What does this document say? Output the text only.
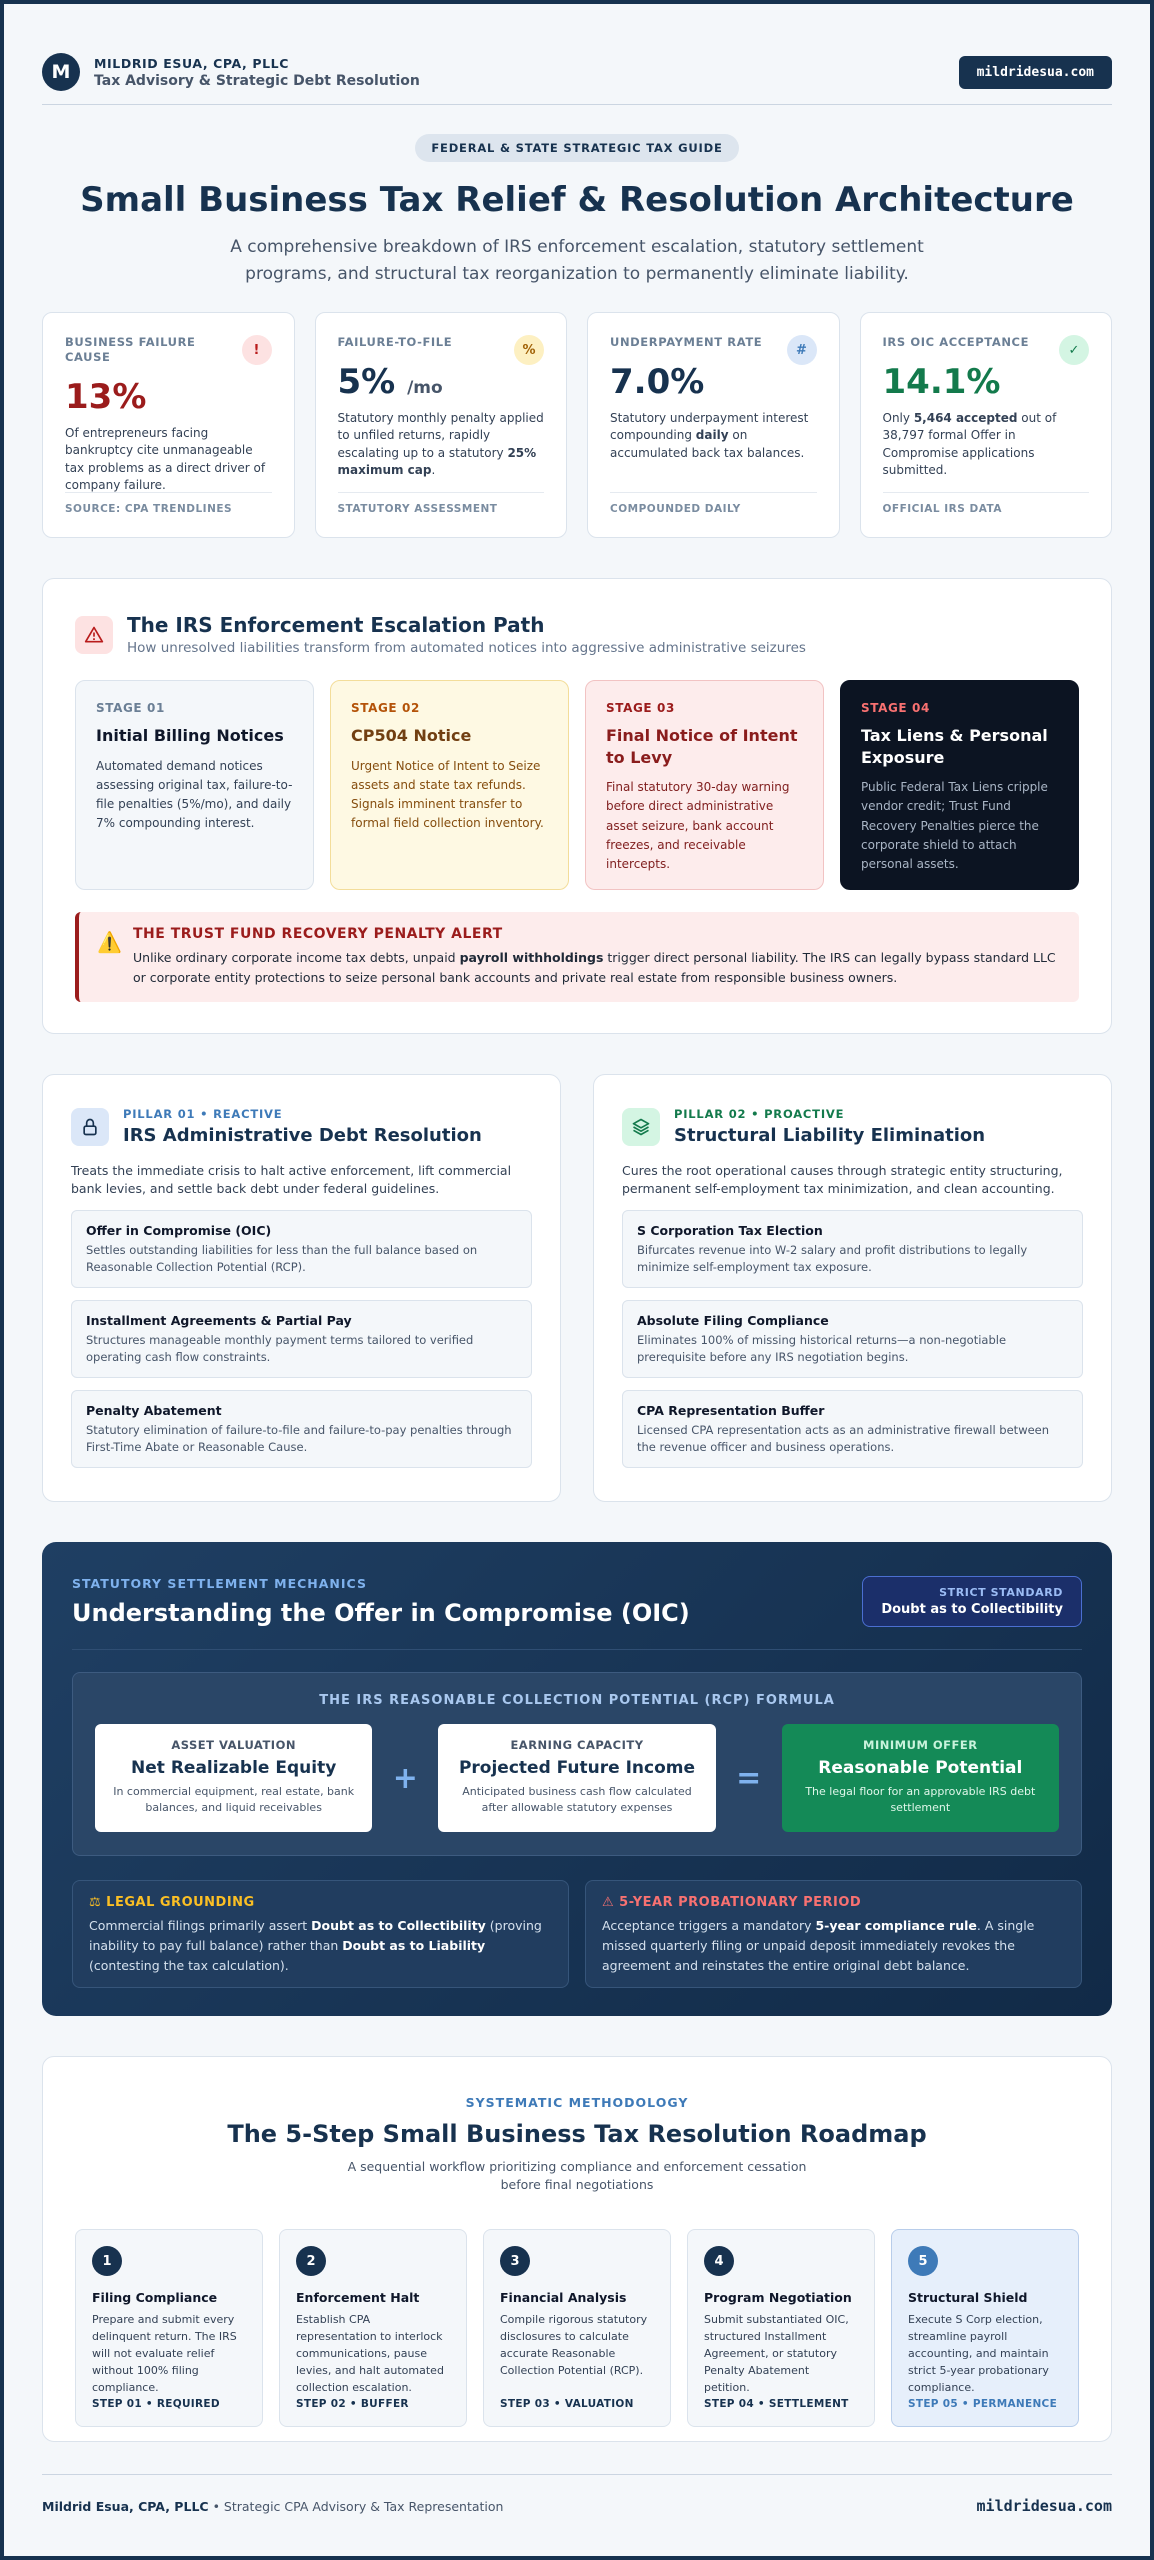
M	MILDRID ESUA, CPA, PLLC
Tax Advisory & Strategic Debt Resolution
mildridesua.com
FEDERAL & STATE STRATEGIC TAX GUIDE
Small Business Tax Relief & Resolution Architecture
A comprehensive breakdown of IRS enforcement escalation, statutory settlement programs, and structural tax reorganization to permanently eliminate liability.
BUSINESS FAILURE CAUSE	!
13%
Of entrepreneurs facing bankruptcy cite unmanageable tax problems as a direct driver of company failure.
SOURCE: CPA TRENDLINES
FAILURE-TO-FILE
%
5% /mo
Statutory monthly penalty applied to unfiled returns, rapidly escalating up to a statutory 25% maximum cap.
STATUTORY ASSESSMENT
UNDERPAYMENT RATE
#
7.0%
Statutory underpayment interest compounding daily on accumulated back tax balances.
COMPOUNDED DAILY
IRS OIC ACCEPTANCE
✓
14.1%
Only 5,464 accepted out of 38,797 formal Offer in Compromise applications submitted.
OFFICIAL IRS DATA
The IRS Enforcement Escalation Path
How unresolved liabilities transform from automated notices into aggressive administrative seizures
STAGE 01
Initial Billing Notices
Automated demand notices assessing original tax, failure-to-file penalties (5%/mo), and daily 7% compounding interest.
STAGE 02
CP504 Notice
Urgent Notice of Intent to Seize assets and state tax refunds. Signals imminent transfer to formal field collection inventory.
STAGE 03
Final Notice of Intent to Levy
Final statutory 30-day warning before direct administrative asset seizure, bank account freezes, and receivable intercepts.
STAGE 04
Tax Liens & Personal Exposure
Public Federal Tax Liens cripple vendor credit; Trust Fund Recovery Penalties pierce the corporate shield to attach personal assets.
⚠️ THE TRUST FUND RECOVERY PENALTY ALERT
Unlike ordinary corporate income tax debts, unpaid payroll withholdings trigger direct personal liability. The IRS can legally bypass standard LLC or corporate entity protections to seize personal bank accounts and private real estate from responsible business owners.
PILLAR 01 • REACTIVE
IRS Administrative Debt Resolution
Treats the immediate crisis to halt active enforcement, lift commercial bank levies, and settle back debt under federal guidelines.
Offer in Compromise (OIC)
Settles outstanding liabilities for less than the full balance based on Reasonable Collection Potential (RCP).
Installment Agreements & Partial Pay
Structures manageable monthly payment terms tailored to verified operating cash flow constraints.
Penalty Abatement
Statutory elimination of failure-to-file and failure-to-pay penalties through First-Time Abate or Reasonable Cause.
PILLAR 02 • PROACTIVE
Structural Liability Elimination
Cures the root operational causes through strategic entity structuring, permanent self-employment tax minimization, and clean accounting.
S Corporation Tax Election
Bifurcates revenue into W-2 salary and profit distributions to legally minimize self-employment tax exposure.
Absolute Filing Compliance
Eliminates 100% of missing historical returns—a non-negotiable prerequisite before any IRS negotiation begins.
CPA Representation Buffer
Licensed CPA representation acts as an administrative firewall between the revenue officer and business operations.
STATUTORY SETTLEMENT MECHANICS
Understanding the Offer in Compromise (OIC)
STRICT STANDARD
Doubt as to Collectibility
THE IRS REASONABLE COLLECTION POTENTIAL (RCP) FORMULA
ASSET VALUATION
Net Realizable Equity
In commercial equipment, real estate, bank balances, and liquid receivables
+
EARNING CAPACITY
Projected Future Income
Anticipated business cash flow calculated after allowable statutory expenses
=
MINIMUM OFFER
Reasonable Potential
The legal floor for an approvable IRS debt settlement
⚖ LEGAL GROUNDING
Commercial filings primarily assert Doubt as to Collectibility (proving inability to pay full balance) rather than Doubt as to Liability (contesting the tax calculation).
⚠ 5-YEAR PROBATIONARY PERIOD
Acceptance triggers a mandatory 5-year compliance rule. A single missed quarterly filing or unpaid deposit immediately revokes the agreement and reinstates the entire original debt balance.
SYSTEMATIC METHODOLOGY
The 5-Step Small Business Tax Resolution Roadmap
A sequential workflow prioritizing compliance and enforcement cessation before final negotiations
1
Filing Compliance
Prepare and submit every delinquent return. The IRS will not evaluate relief without 100% filing compliance.
STEP 01 • REQUIRED
2
Enforcement Halt
Establish CPA representation to interlock communications, pause levies, and halt automated collection escalation.
STEP 02 • BUFFER
3
Financial Analysis
Compile rigorous statutory disclosures to calculate accurate Reasonable Collection Potential (RCP).
STEP 03 • VALUATION
4
Program Negotiation
Submit substantiated OIC, structured Installment Agreement, or statutory Penalty Abatement petition.
STEP 04 • SETTLEMENT
5
Structural Shield
Execute S Corp election, streamline payroll accounting, and maintain strict 5-year probationary compliance.
STEP 05 • PERMANENCE
Mildrid Esua, CPA, PLLC • Strategic CPA Advisory & Tax Representation	mildridesua.com
